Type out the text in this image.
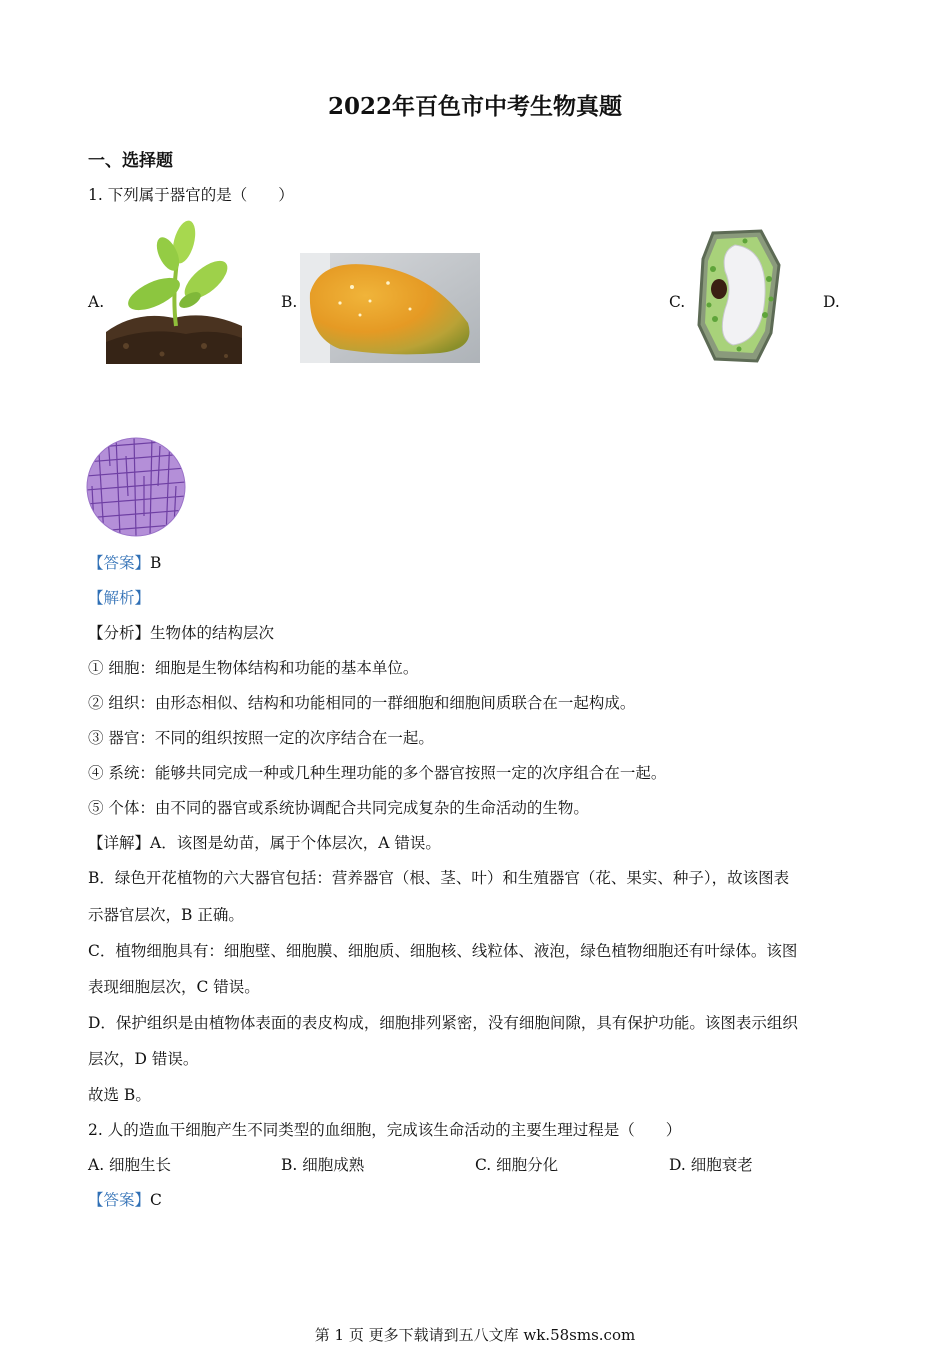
2022年百色市中考生物真题
一、选择题
1. 下列属于器官的是（　　）
A.	B.	C.	D.
【答案】B
【解析】
【分析】生物体的结构层次
① 细胞：细胞是生物体结构和功能的基本单位。
② 组织：由形态相似、结构和功能相同的一群细胞和细胞间质联合在一起构成。
③ 器官：不同的组织按照一定的次序结合在一起。
④ 系统：能够共同完成一种或几种生理功能的多个器官按照一定的次序组合在一起。
⑤ 个体：由不同的器官或系统协调配合共同完成复杂的生命活动的生物。
【详解】A．该图是幼苗，属于个体层次，A 错误。
B．绿色开花植物的六大器官包括：营养器官（根、茎、叶）和生殖器官（花、果实、种子），故该图表
示器官层次，B 正确。
C．植物细胞具有：细胞壁、细胞膜、细胞质、细胞核、线粒体、液泡，绿色植物细胞还有叶绿体。该图
表现细胞层次，C 错误。
D．保护组织是由植物体表面的表皮构成，细胞排列紧密，没有细胞间隙，具有保护功能。该图表示组织
层次，D 错误。
故选 B。
2. 人的造血干细胞产生不同类型的血细胞，完成该生命活动的主要生理过程是（　　）
A. 细胞生长	B. 细胞成熟	C. 细胞分化	D. 细胞衰老
【答案】C
第 1 页 更多下载请到五八文库 wk.58sms.com
